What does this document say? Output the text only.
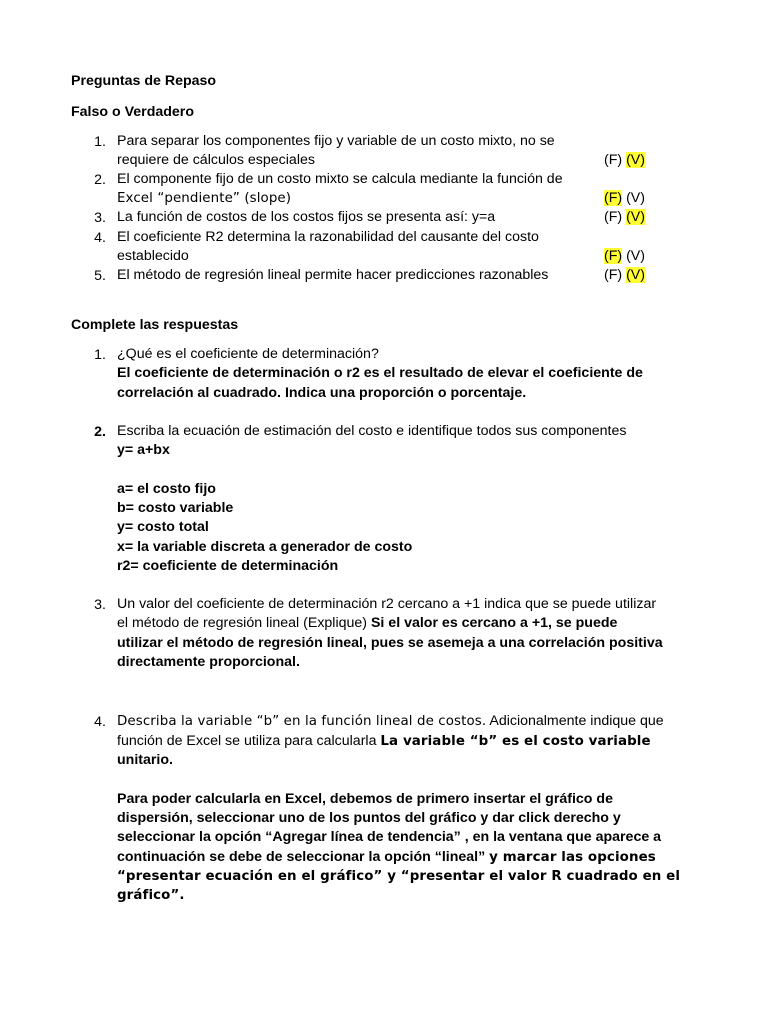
Preguntas de Repaso
Falso o Verdadero
1. Para separar los componentes fijo y variable de un costo mixto, no se
requiere de cálculos especiales	(F) (V)
2. El componente fijo de un costo mixto se calcula mediante la función de
Excel “pendiente” (slope)	(F) (V)
3. La función de costos de los costos fijos se presenta así: y=a	(F) (V)
4. El coeficiente R2 determina la razonabilidad del causante del costo
establecido	(F) (V)
5. El método de regresión lineal permite hacer predicciones razonables	(F) (V)
Complete las respuestas
1. ¿Qué es el coeficiente de determinación?
El coeficiente de determinación o r2 es el resultado de elevar el coeficiente de
correlación al cuadrado. Indica una proporción o porcentaje.
2. Escriba la ecuación de estimación del costo e identifique todos sus componentes
y= a+bx
a= el costo fijo
b= costo variable
y= costo total
x= la variable discreta a generador de costo
r2= coeficiente de determinación
3. Un valor del coeficiente de determinación r2 cercano a +1 indica que se puede utilizar
el método de regresión lineal (Explique) Si el valor es cercano a +1, se puede
utilizar el método de regresión lineal, pues se asemeja a una correlación positiva
directamente proporcional.
4. Describa la variable “b” en la función lineal de costos. Adicionalmente indique que
función de Excel se utiliza para calcularla La variable “b” es el costo variable
unitario.
Para poder calcularla en Excel, debemos de primero insertar el gráfico de
dispersión, seleccionar uno de los puntos del gráfico y dar click derecho y
seleccionar la opción “Agregar línea de tendencia” , en la ventana que aparece a
continuación se debe de seleccionar la opción “lineal” y marcar las opciones
“presentar ecuación en el gráfico” y “presentar el valor R cuadrado en el
gráfico”.
